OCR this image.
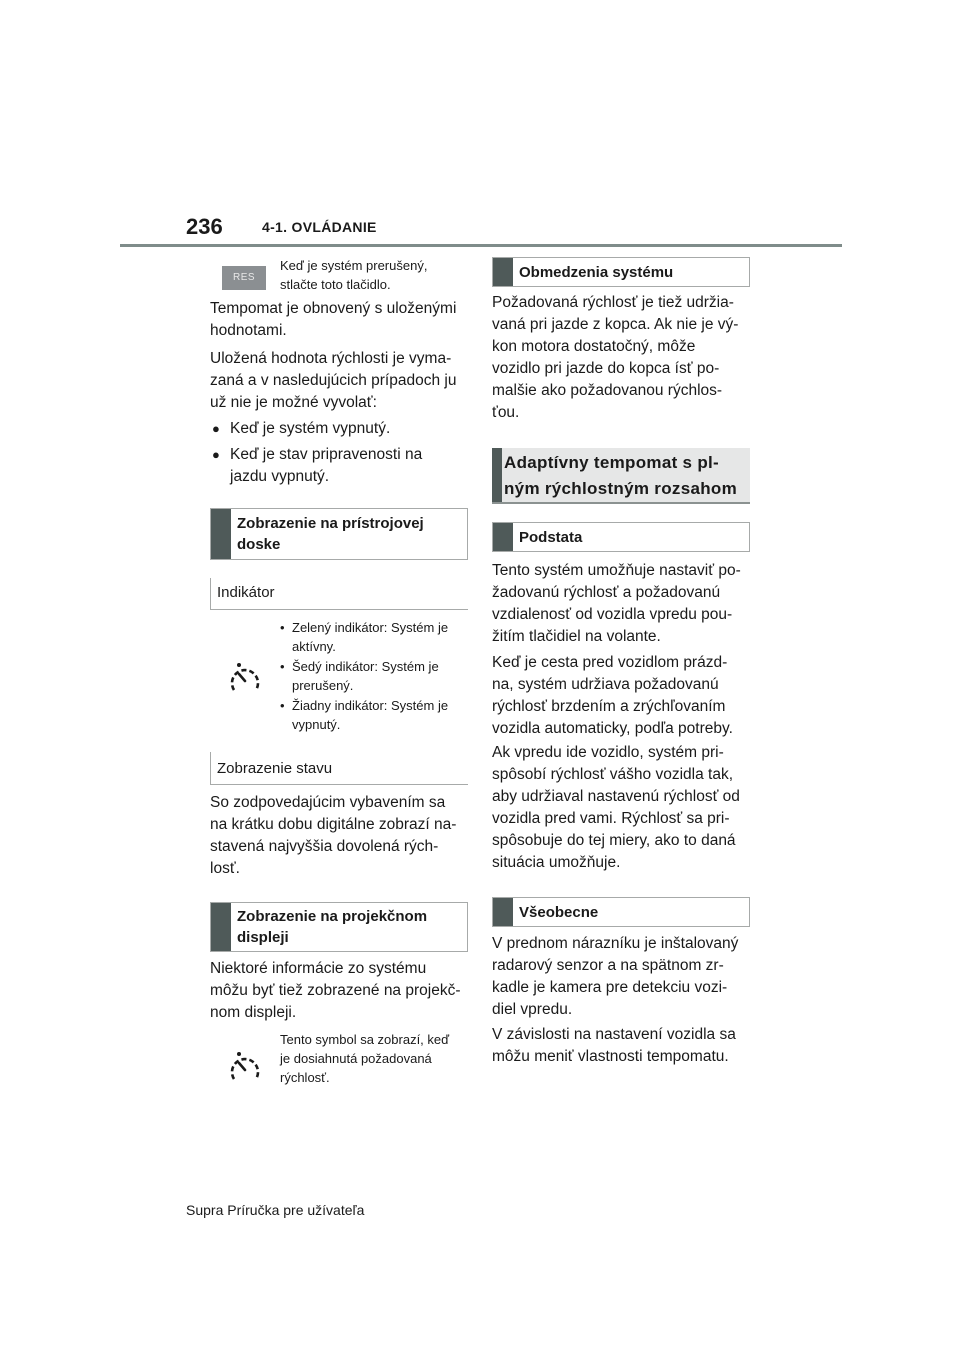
236	4-1. OVLÁDANIE
RES
Keď je systém prerušený,
stlačte toto tlačidlo.
Tempomat je obnovený s uloženými
hodnotami.
Uložená hodnota rýchlosti je vyma-
zaná a v nasledujúcich prípadoch ju
už nie je možné vyvolať:
● Keď je systém vypnutý.
● Keď je stav pripravenosti na
jazdu vypnutý.
Zobrazenie na prístrojovej
doske
Indikátor
• Zelený indikátor: Systém je
aktívny.
• Šedý indikátor: Systém je
prerušený.
• Žiadny indikátor: Systém je
vypnutý.
Zobrazenie stavu
So zodpovedajúcim vybavením sa
na krátku dobu digitálne zobrazí na-
stavená najvyššia dovolená rých-
losť.
Zobrazenie na projekčnom
displeji
Niektoré informácie zo systému
môžu byť tiež zobrazené na projekč-
nom displeji.
Tento symbol sa zobrazí, keď
je dosiahnutá požadovaná
rýchlosť.
Obmedzenia systému
Požadovaná rýchlosť je tiež udržia-
vaná pri jazde z kopca. Ak nie je vý-
kon motora dostatočný, môže
vozidlo pri jazde do kopca ísť po-
malšie ako požadovanou rýchlos-
ťou.
Adaptívny tempomat s pl-
ným rýchlostným rozsahom
Podstata
Tento systém umožňuje nastaviť po-
žadovanú rýchlosť a požadovanú
vzdialenosť od vozidla vpredu pou-
žitím tlačidiel na volante.
Keď je cesta pred vozidlom prázd-
na, systém udržiava požadovanú
rýchlosť brzdením a zrýchľovaním
vozidla automaticky, podľa potreby.
Ak vpredu ide vozidlo, systém pri-
spôsobí rýchlosť vášho vozidla tak,
aby udržiaval nastavenú rýchlosť od
vozidla pred vami. Rýchlosť sa pri-
spôsobuje do tej miery, ako to daná
situácia umožňuje.
Všeobecne
V prednom nárazníku je inštalovaný
radarový senzor a na spätnom zr-
kadle je kamera pre detekciu vozi-
diel vpredu.
V závislosti na nastavení vozidla sa
môžu meniť vlastnosti tempomatu.
Supra Príručka pre užívateľa
